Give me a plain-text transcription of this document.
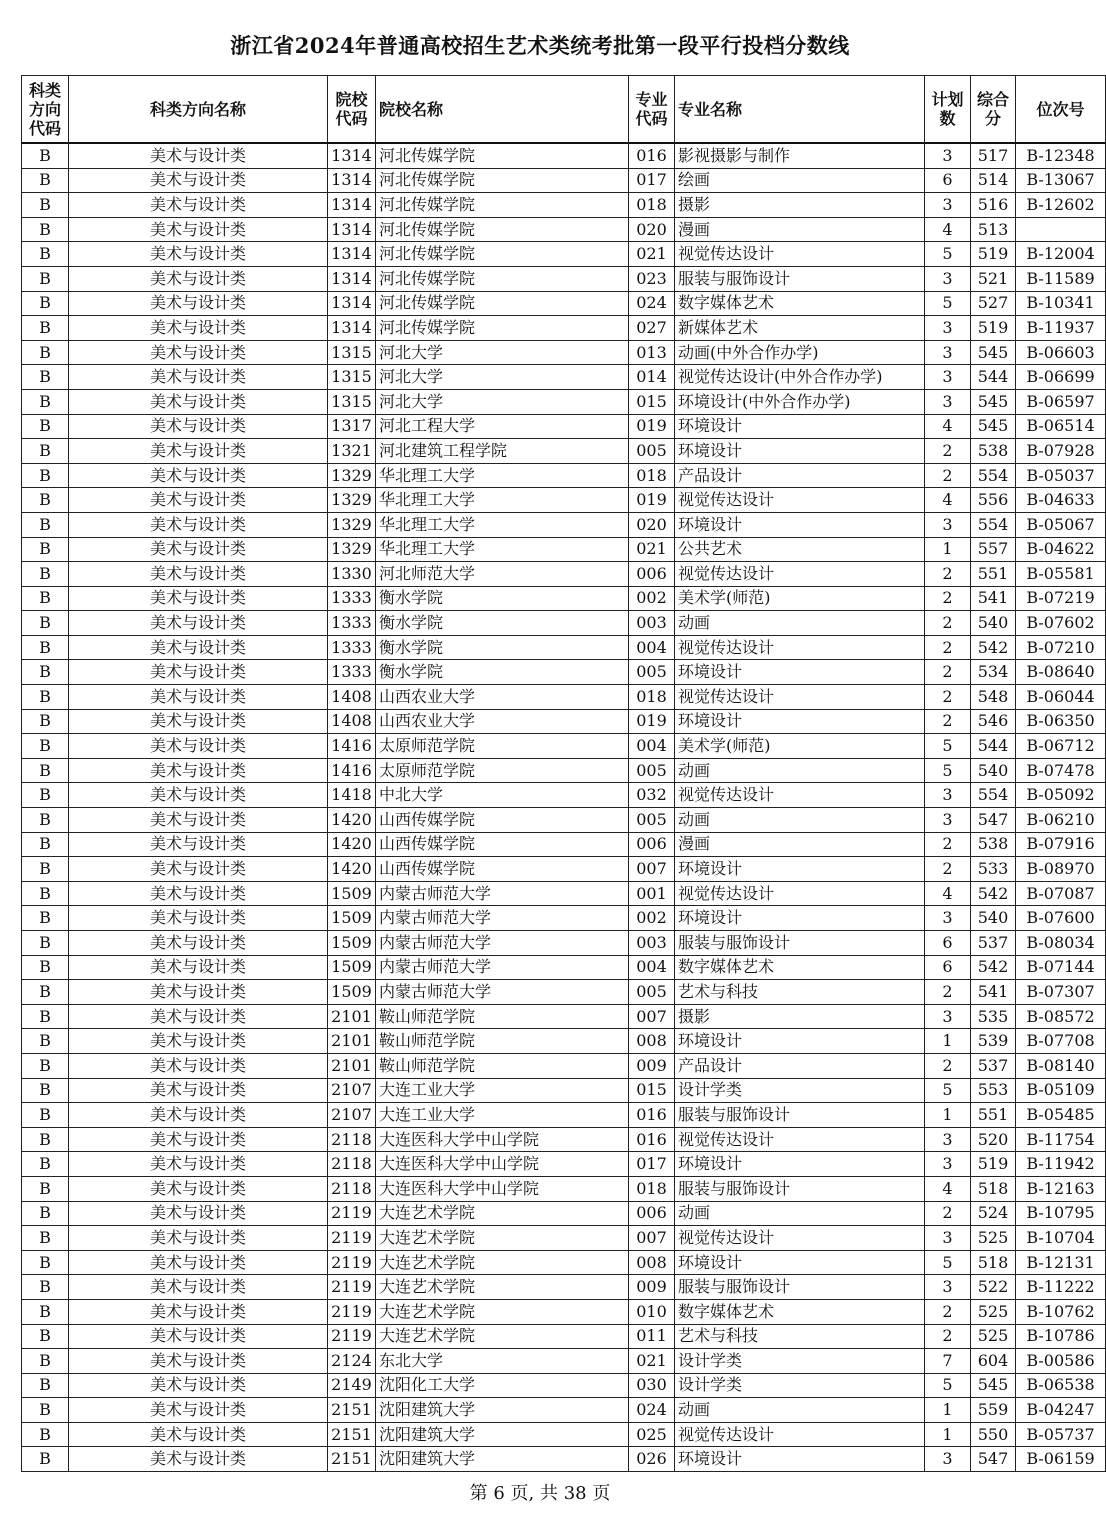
浙江省2024年普通高校招生艺术类统考批第一段平行投档分数线
科类方向代码	科类方向名称	院校代码	院校名称	专业代码	专业名称	计划数	综合分	位次号
B	美术与设计类	1314	河北传媒学院	016	影视摄影与制作	3	517	B-12348
B	美术与设计类	1314	河北传媒学院	017	绘画	6	514	B-13067
B	美术与设计类	1314	河北传媒学院	018	摄影	3	516	B-12602
B	美术与设计类	1314	河北传媒学院	020	漫画	4	513	
B	美术与设计类	1314	河北传媒学院	021	视觉传达设计	5	519	B-12004
B	美术与设计类	1314	河北传媒学院	023	服装与服饰设计	3	521	B-11589
B	美术与设计类	1314	河北传媒学院	024	数字媒体艺术	5	527	B-10341
B	美术与设计类	1314	河北传媒学院	027	新媒体艺术	3	519	B-11937
B	美术与设计类	1315	河北大学	013	动画(中外合作办学)	3	545	B-06603
B	美术与设计类	1315	河北大学	014	视觉传达设计(中外合作办学)	3	544	B-06699
B	美术与设计类	1315	河北大学	015	环境设计(中外合作办学)	3	545	B-06597
B	美术与设计类	1317	河北工程大学	019	环境设计	4	545	B-06514
B	美术与设计类	1321	河北建筑工程学院	005	环境设计	2	538	B-07928
B	美术与设计类	1329	华北理工大学	018	产品设计	2	554	B-05037
B	美术与设计类	1329	华北理工大学	019	视觉传达设计	4	556	B-04633
B	美术与设计类	1329	华北理工大学	020	环境设计	3	554	B-05067
B	美术与设计类	1329	华北理工大学	021	公共艺术	1	557	B-04622
B	美术与设计类	1330	河北师范大学	006	视觉传达设计	2	551	B-05581
B	美术与设计类	1333	衡水学院	002	美术学(师范)	2	541	B-07219
B	美术与设计类	1333	衡水学院	003	动画	2	540	B-07602
B	美术与设计类	1333	衡水学院	004	视觉传达设计	2	542	B-07210
B	美术与设计类	1333	衡水学院	005	环境设计	2	534	B-08640
B	美术与设计类	1408	山西农业大学	018	视觉传达设计	2	548	B-06044
B	美术与设计类	1408	山西农业大学	019	环境设计	2	546	B-06350
B	美术与设计类	1416	太原师范学院	004	美术学(师范)	5	544	B-06712
B	美术与设计类	1416	太原师范学院	005	动画	5	540	B-07478
B	美术与设计类	1418	中北大学	032	视觉传达设计	3	554	B-05092
B	美术与设计类	1420	山西传媒学院	005	动画	3	547	B-06210
B	美术与设计类	1420	山西传媒学院	006	漫画	2	538	B-07916
B	美术与设计类	1420	山西传媒学院	007	环境设计	2	533	B-08970
B	美术与设计类	1509	内蒙古师范大学	001	视觉传达设计	4	542	B-07087
B	美术与设计类	1509	内蒙古师范大学	002	环境设计	3	540	B-07600
B	美术与设计类	1509	内蒙古师范大学	003	服装与服饰设计	6	537	B-08034
B	美术与设计类	1509	内蒙古师范大学	004	数字媒体艺术	6	542	B-07144
B	美术与设计类	1509	内蒙古师范大学	005	艺术与科技	2	541	B-07307
B	美术与设计类	2101	鞍山师范学院	007	摄影	3	535	B-08572
B	美术与设计类	2101	鞍山师范学院	008	环境设计	1	539	B-07708
B	美术与设计类	2101	鞍山师范学院	009	产品设计	2	537	B-08140
B	美术与设计类	2107	大连工业大学	015	设计学类	5	553	B-05109
B	美术与设计类	2107	大连工业大学	016	服装与服饰设计	1	551	B-05485
B	美术与设计类	2118	大连医科大学中山学院	016	视觉传达设计	3	520	B-11754
B	美术与设计类	2118	大连医科大学中山学院	017	环境设计	3	519	B-11942
B	美术与设计类	2118	大连医科大学中山学院	018	服装与服饰设计	4	518	B-12163
B	美术与设计类	2119	大连艺术学院	006	动画	2	524	B-10795
B	美术与设计类	2119	大连艺术学院	007	视觉传达设计	3	525	B-10704
B	美术与设计类	2119	大连艺术学院	008	环境设计	5	518	B-12131
B	美术与设计类	2119	大连艺术学院	009	服装与服饰设计	3	522	B-11222
B	美术与设计类	2119	大连艺术学院	010	数字媒体艺术	2	525	B-10762
B	美术与设计类	2119	大连艺术学院	011	艺术与科技	2	525	B-10786
B	美术与设计类	2124	东北大学	021	设计学类	7	604	B-00586
B	美术与设计类	2149	沈阳化工大学	030	设计学类	5	545	B-06538
B	美术与设计类	2151	沈阳建筑大学	024	动画	1	559	B-04247
B	美术与设计类	2151	沈阳建筑大学	025	视觉传达设计	1	550	B-05737
B	美术与设计类	2151	沈阳建筑大学	026	环境设计	3	547	B-06159
第 6 页, 共 38 页
